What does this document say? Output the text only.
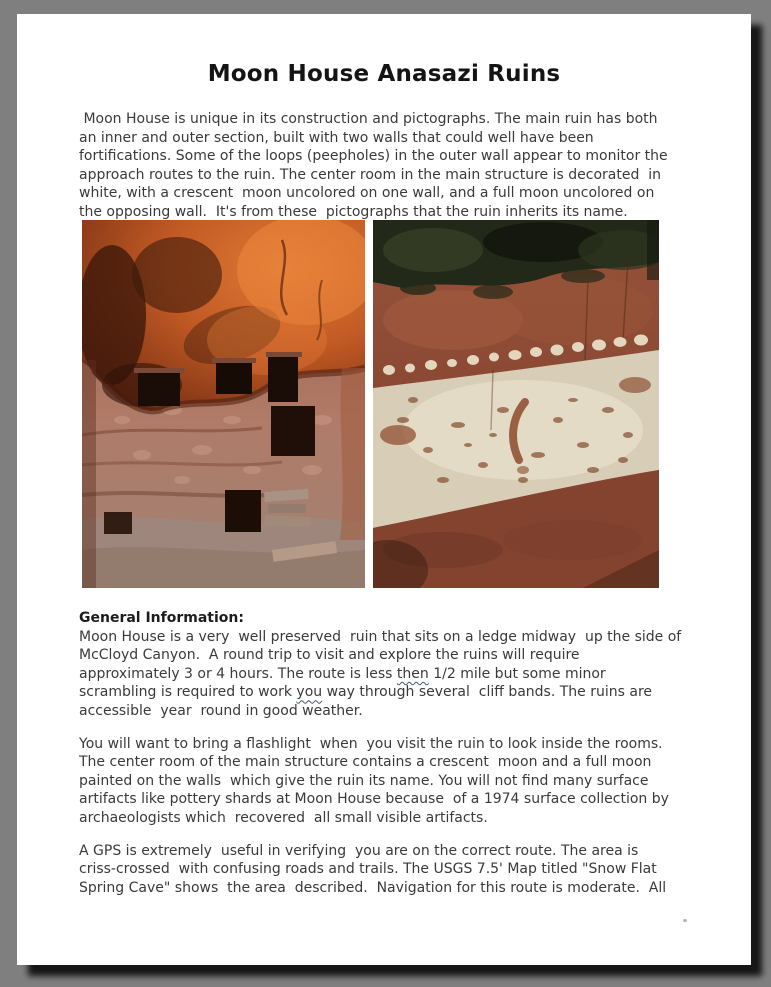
Moon House Anasazi Ruins
Moon House is unique in its construction and pictographs. The main ruin has both
an inner and outer section, built with two walls that could well have been
fortifications. Some of the loops (peepholes) in the outer wall appear to monitor the
approach routes to the ruin. The center room in the main structure is decorated  in
white, with a crescent  moon uncolored on one wall, and a full moon uncolored on
the opposing wall.  It's from these  pictographs that the ruin inherits its name.
General Information:
Moon House is a very  well preserved  ruin that sits on a ledge midway  up the side of
McCloyd Canyon.  A round trip to visit and explore the ruins will require
approximately 3 or 4 hours. The route is less then 1/2 mile but some minor
scrambling is required to work you way through several  cliff bands. The ruins are
accessible  year  round in good weather.
You will want to bring a flashlight  when  you visit the ruin to look inside the rooms.
The center room of the main structure contains a crescent  moon and a full moon
painted on the walls  which give the ruin its name. You will not find many surface
artifacts like pottery shards at Moon House because  of a 1974 surface collection by
archaeologists which  recovered  all small visible artifacts.
A GPS is extremely  useful in verifying  you are on the correct route. The area is
criss-crossed  with confusing roads and trails. The USGS 7.5' Map titled "Snow Flat
Spring Cave" shows  the area  described.  Navigation for this route is moderate.  All
